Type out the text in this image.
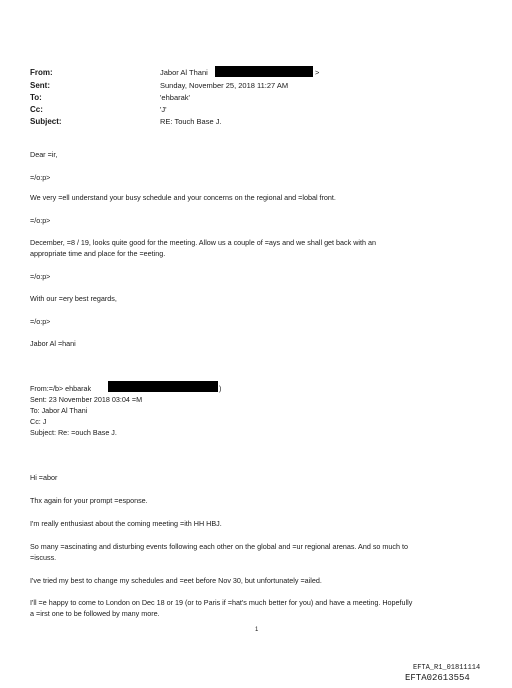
From:
Sent:
To:
Cc:
Subject:
Jabor Al Thani	>
Sunday, November 25, 2018 11:27 AM
'ehbarak'
'J'
RE: Touch Base J.
Dear =ir,
=/o:p>
We very =ell understand your busy schedule and your concerns on the regional and =lobal front.
=/o:p>
December, =8 / 19, looks quite good for the meeting. Allow us a couple of =ays and we shall get back with an
appropriate time and place for the =eeting.
=/o:p>
With our =ery best regards,
=/o:p>
Jabor Al =hani
From:=/b> ehbarak	)
Sent: 23 November 2018 03:04 =M
To: Jabor Al Thani
Cc: J
Subject: Re: =ouch Base J.
Hi =abor
Thx again for your prompt =esponse.
I'm really enthusiast about the coming meeting =ith HH HBJ.
So many =ascinating and disturbing events following each other on the global and =ur regional arenas. And so much to
=iscuss.
I've tried my best to change my schedules and =eet before Nov 30, but unfortunately =ailed.
I'll =e happy to come to London on Dec 18 or 19 (or to Paris if =hat's much better for you) and have a meeting. Hopefully
a =irst one to be followed by many more.
1
EFTA_R1_01811114
EFTA02613554
